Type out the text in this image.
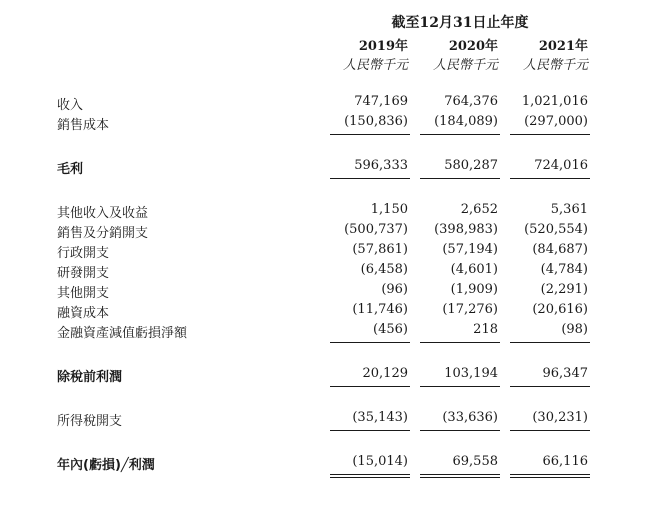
截至12月31日止年度
2019年	2020年	2021年
人民幣千元	人民幣千元	人民幣千元
收入	747,169	764,376	1,021,016
銷售成本	(150,836)	(184,089)	(297,000)
毛利	596,333	580,287	724,016
其他收入及收益	1,150	2,652	5,361
銷售及分銷開支	(500,737)	(398,983)	(520,554)
行政開支	(57,861)	(57,194)	(84,687)
研發開支	(6,458)	(4,601)	(4,784)
其他開支	(96)	(1,909)	(2,291)
融資成本	(11,746)	(17,276)	(20,616)
金融資產減值虧損淨額	(456)	218	(98)
除稅前利潤	20,129	103,194	96,347
所得稅開支	(35,143)	(33,636)	(30,231)
年內(虧損)╱利潤	(15,014)	69,558	66,116
